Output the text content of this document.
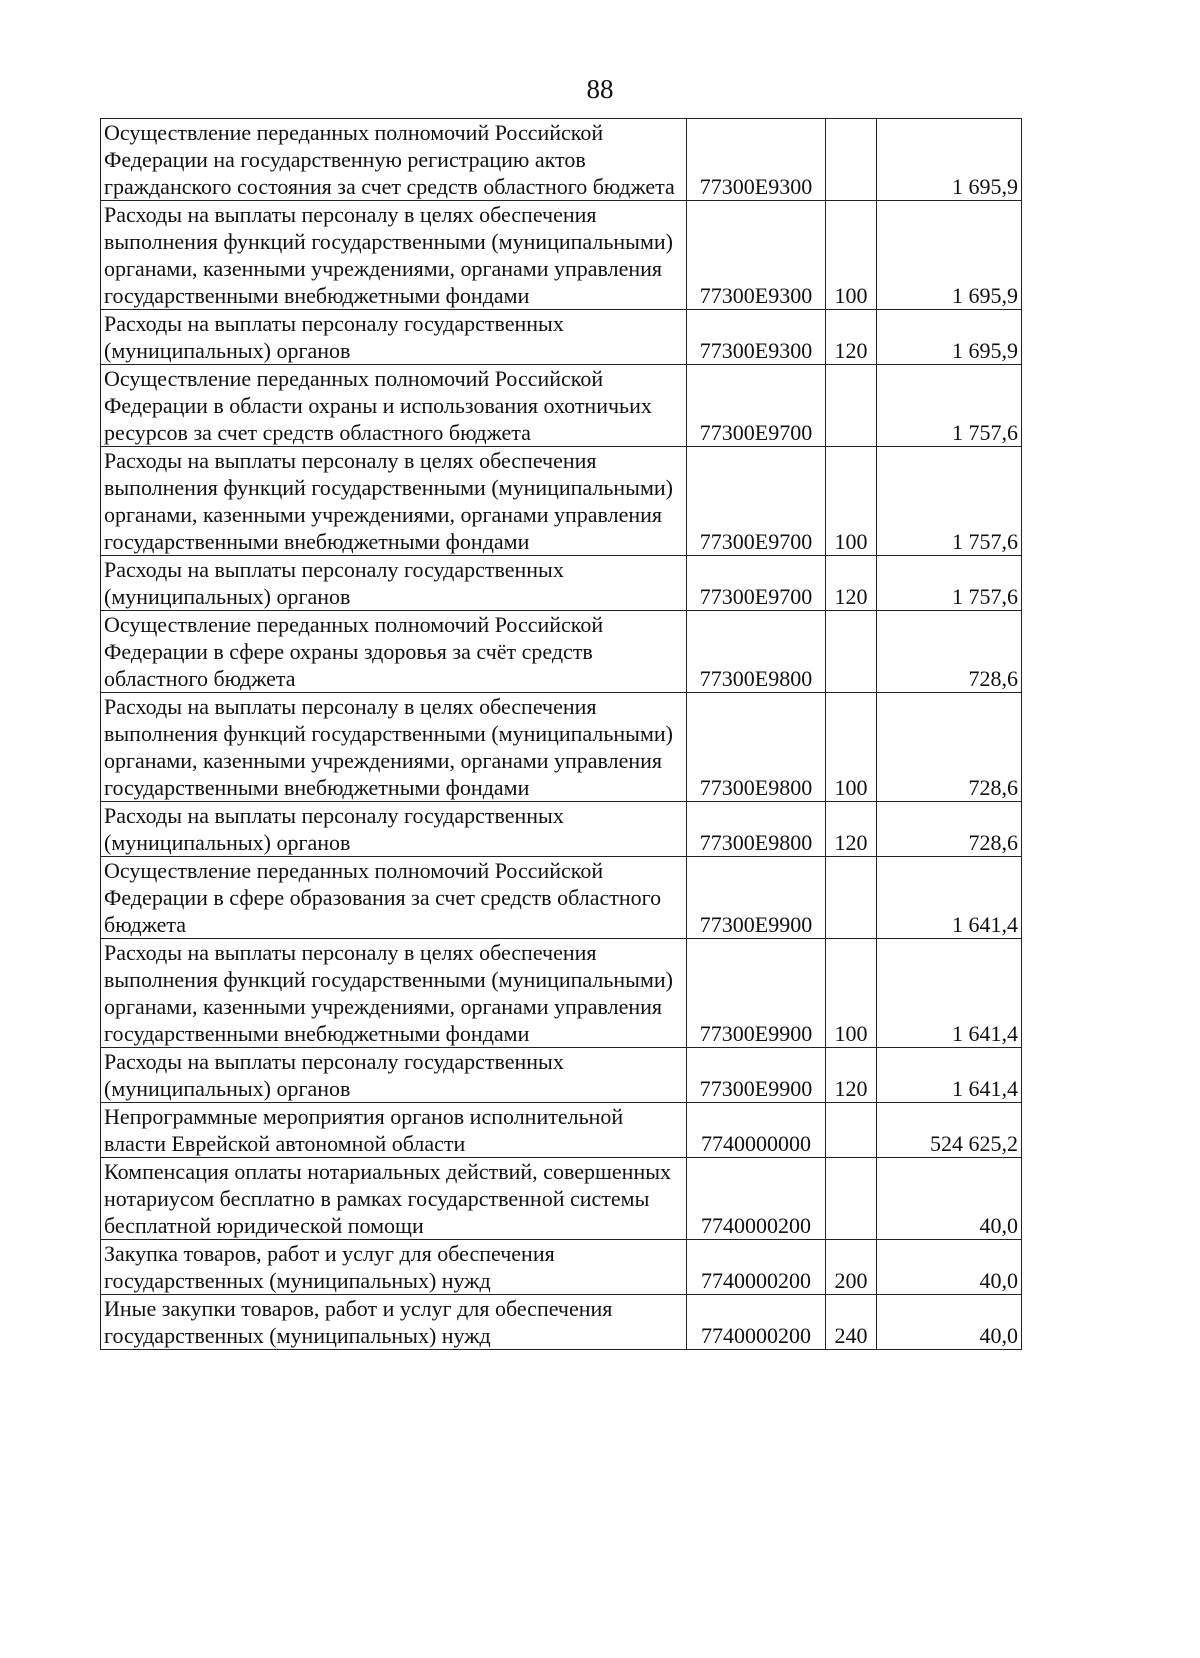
88
Осуществление переданных полномочий Российской Федерации на государственную регистрацию актов гражданского состояния за счет средств областного бюджета	77300E9300		1 695,9
Расходы на выплаты персоналу в целях обеспечения выполнения функций государственными (муниципальными) органами, казенными учреждениями, органами управления государственными внебюджетными фондами	77300E9300	100	1 695,9
Расходы на выплаты персоналу государственных (муниципальных) органов	77300E9300	120	1 695,9
Осуществление переданных полномочий Российской Федерации в области охраны и использования охотничьих ресурсов за счет средств областного бюджета	77300E9700		1 757,6
Расходы на выплаты персоналу в целях обеспечения выполнения функций государственными (муниципальными) органами, казенными учреждениями, органами управления государственными внебюджетными фондами	77300E9700	100	1 757,6
Расходы на выплаты персоналу государственных (муниципальных) органов	77300E9700	120	1 757,6
Осуществление переданных полномочий Российской Федерации в сфере охраны здоровья за счёт средств областного бюджета	77300E9800		728,6
Расходы на выплаты персоналу в целях обеспечения выполнения функций государственными (муниципальными) органами, казенными учреждениями, органами управления государственными внебюджетными фондами	77300E9800	100	728,6
Расходы на выплаты персоналу государственных (муниципальных) органов	77300E9800	120	728,6
Осуществление переданных полномочий Российской Федерации в сфере образования за счет средств областного бюджета	77300E9900		1 641,4
Расходы на выплаты персоналу в целях обеспечения выполнения функций государственными (муниципальными) органами, казенными учреждениями, органами управления государственными внебюджетными фондами	77300E9900	100	1 641,4
Расходы на выплаты персоналу государственных (муниципальных) органов	77300E9900	120	1 641,4
Непрограммные мероприятия органов исполнительной власти Еврейской автономной области	7740000000		524 625,2
Компенсация оплаты нотариальных действий, совершенных нотариусом бесплатно в рамках государственной системы бесплатной юридической помощи	7740000200		40,0
Закупка товаров, работ и услуг для обеспечения государственных (муниципальных) нужд	7740000200	200	40,0
Иные закупки товаров, работ и услуг для обеспечения государственных (муниципальных) нужд	7740000200	240	40,0
